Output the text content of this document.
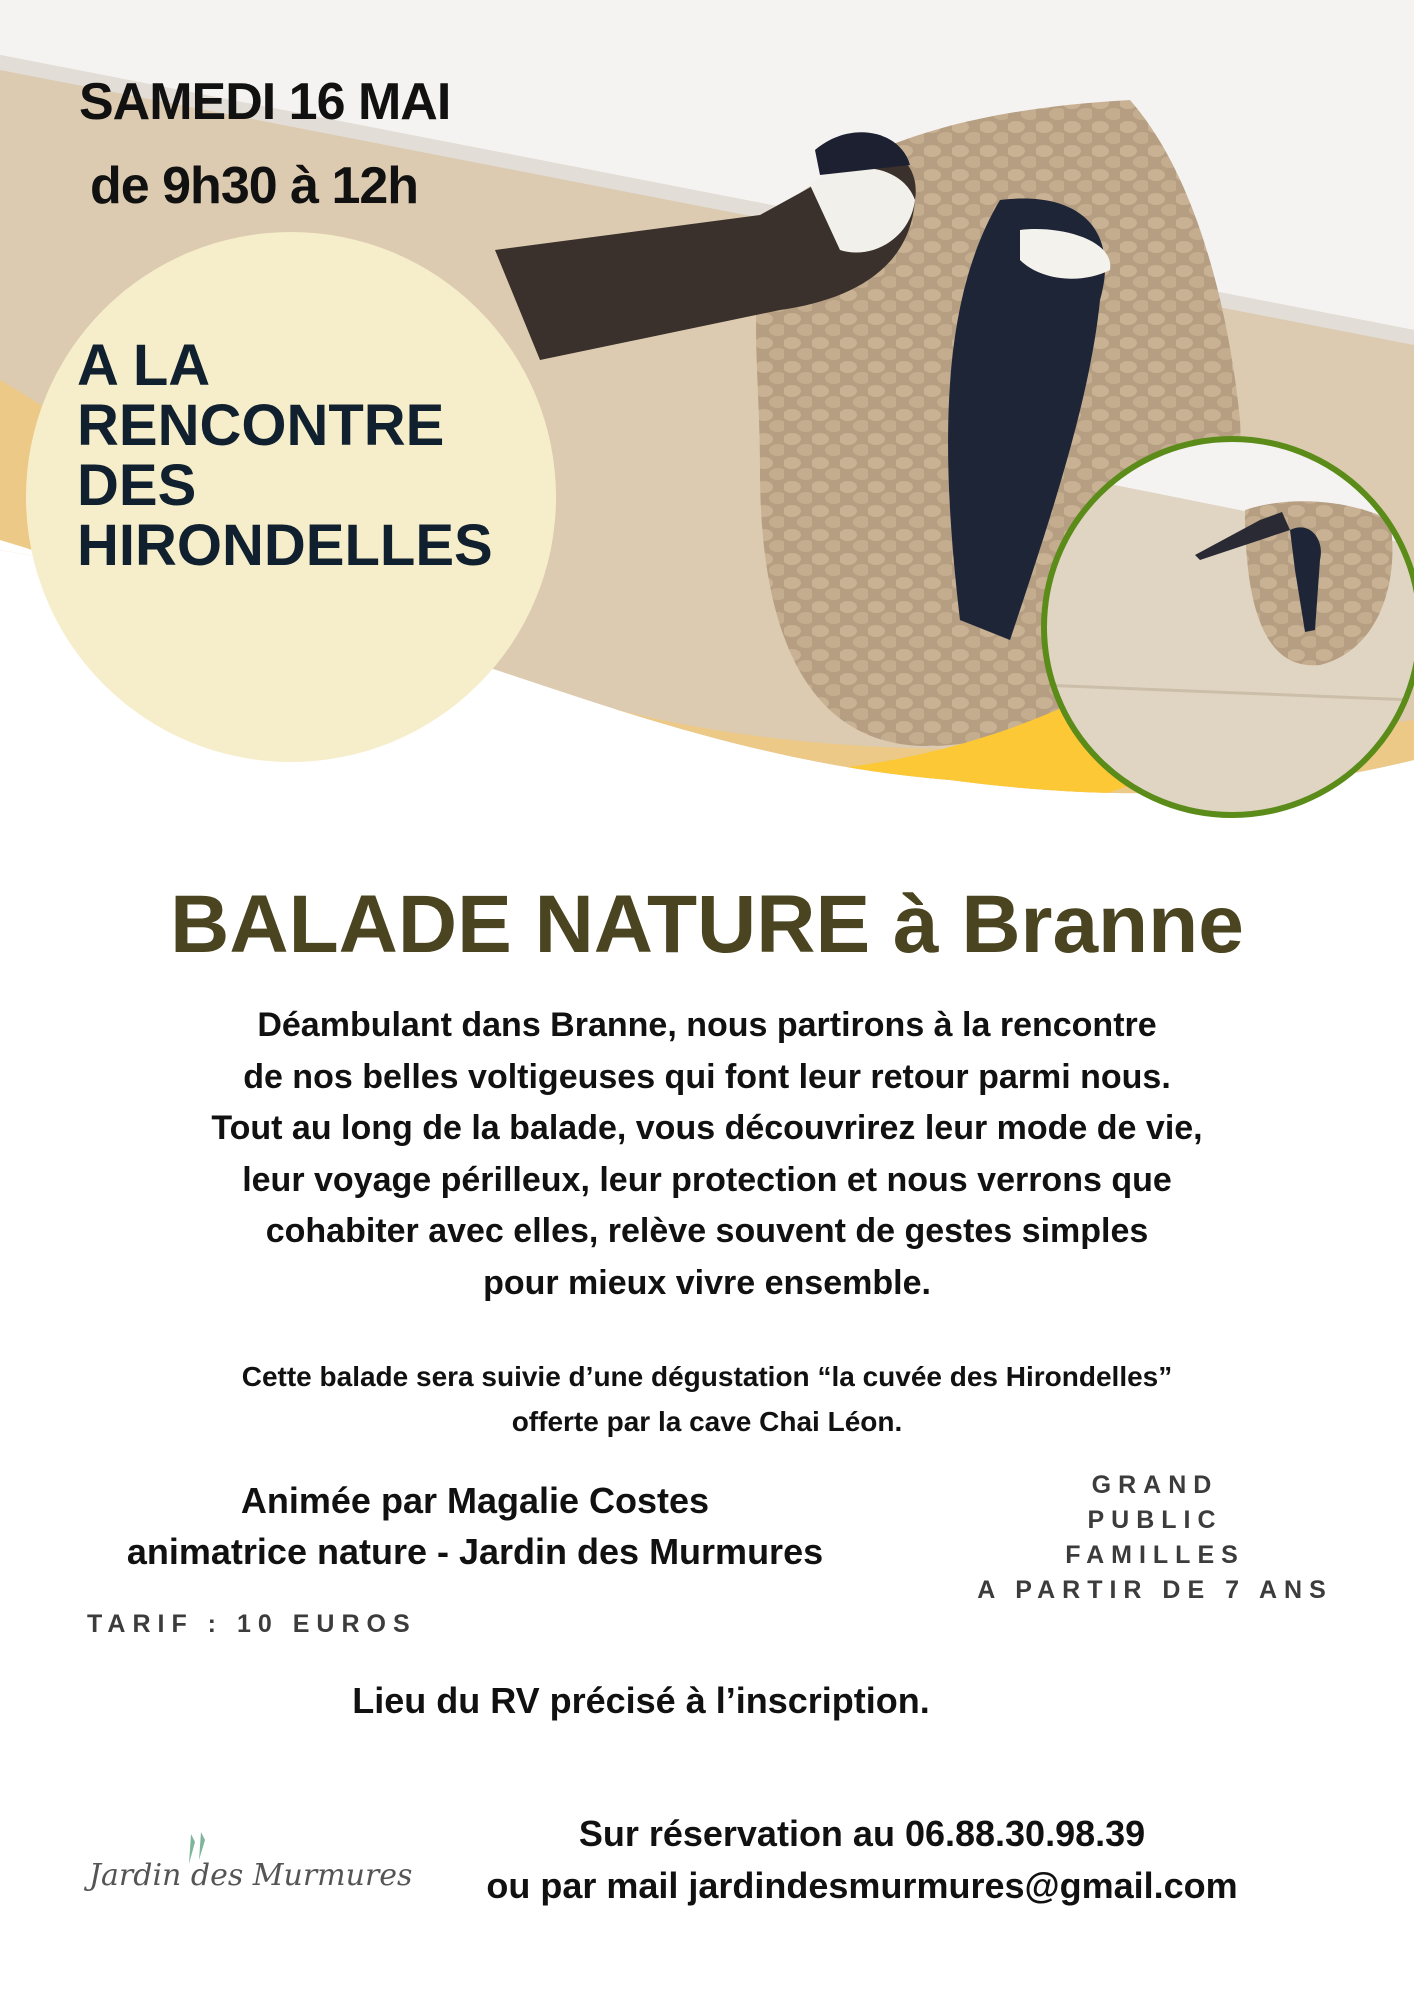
SAMEDI 16 MAI
de 9h30 à 12h
A LA
RENCONTRE
DES
HIRONDELLES
BALADE NATURE à Branne
Déambulant dans Branne, nous partirons à la rencontre
de nos belles voltigeuses qui font leur retour parmi nous.
Tout au long de la balade, vous découvrirez leur mode de vie,
leur voyage périlleux, leur protection et nous verrons que
cohabiter avec elles, relève souvent de gestes simples
pour mieux vivre ensemble.
Cette balade sera suivie d’une dégustation “la cuvée des Hirondelles”
offerte par la cave Chai Léon.
Animée par Magalie Costes
animatrice nature - Jardin des Murmures
GRAND
PUBLIC
FAMILLES
A PARTIR DE 7 ANS
TARIF : 10 EUROS
Lieu du RV précisé à l’inscription.
Jardin des Murmures
Sur réservation au 06.88.30.98.39
ou par mail jardindesmurmures@gmail.com
